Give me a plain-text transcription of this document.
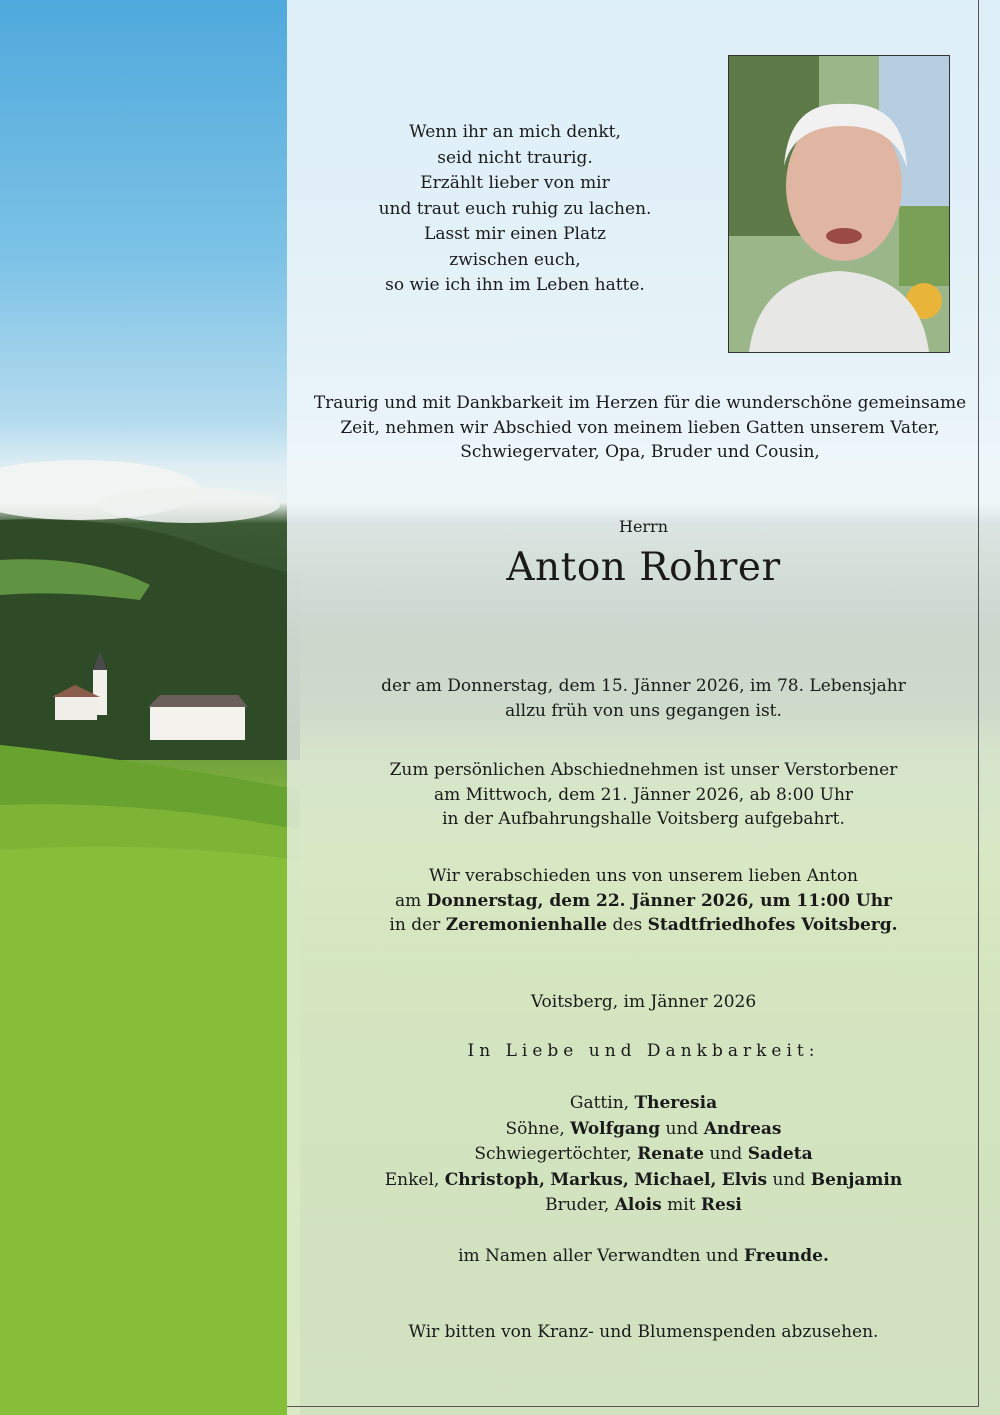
Wenn ihr an mich denkt,
seid nicht traurig.
Erzählt lieber von mir
und traut euch ruhig zu lachen.
Lasst mir einen Platz
zwischen euch,
so wie ich ihn im Leben hatte.
Traurig und mit Dankbarkeit im Herzen für die wunderschöne gemeinsame
Zeit, nehmen wir Abschied von meinem lieben Gatten unserem Vater,
Schwiegervater, Opa, Bruder und Cousin,
Herrn
Anton Rohrer
der am Donnerstag, dem 15. Jänner 2026, im 78. Lebensjahr
allzu früh von uns gegangen ist.
Zum persönlichen Abschiednehmen ist unser Verstorbener
am Mittwoch, dem 21. Jänner 2026, ab 8:00 Uhr
in der Aufbahrungshalle Voitsberg aufgebahrt.
Wir verabschieden uns von unserem lieben Anton
am Donnerstag, dem 22. Jänner 2026, um 11:00 Uhr
in der Zeremonienhalle des Stadtfriedhofes Voitsberg.
Voitsberg, im Jänner 2026
In Liebe und Dankbarkeit:
Gattin, Theresia
Söhne, Wolfgang und Andreas
Schwiegertöchter, Renate und Sadeta
Enkel, Christoph, Markus, Michael, Elvis und Benjamin
Bruder, Alois mit Resi
im Namen aller Verwandten und Freunde.
Wir bitten von Kranz- und Blumenspenden abzusehen.
